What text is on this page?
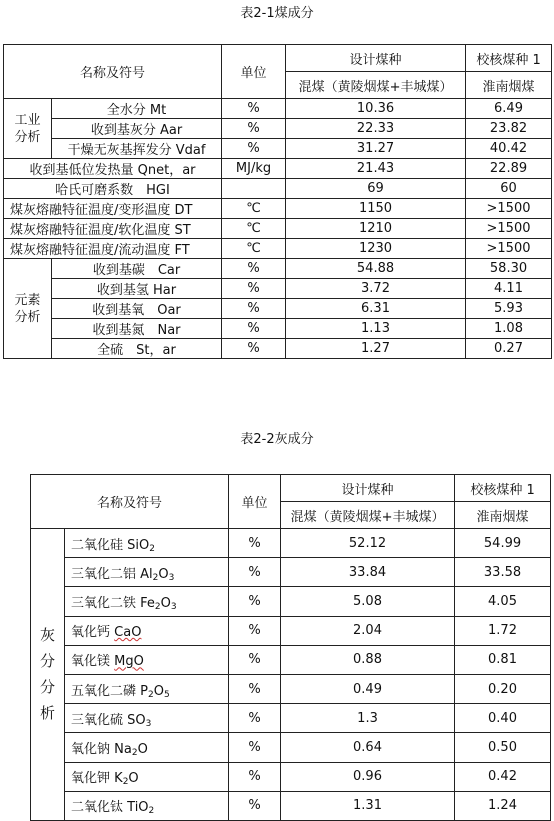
表2-1煤成分
名称及符号		单位	设计煤种	校核煤种 1
			混煤（黄陵烟煤+丰城煤）	淮南烟煤
工业
分析	全水分 Mt	%	10.36	6.49
	收到基灰分 Aar	%	22.33	23.82
	干燥无灰基挥发分 Vdaf	%	31.27	40.42
收到基低位发热量 Qnet，ar		MJ/kg	21.43	22.89
哈氏可磨系数　HGI			69	60
煤灰熔融特征温度/变形温度 DT		℃	1150	>1500
煤灰熔融特征温度/软化温度 ST		℃	1210	>1500
煤灰熔融特征温度/流动温度 FT		℃	1230	>1500
元素
分析	收到基碳　Car	%	54.88	58.30
	收到基氢 Har	%	3.72	4.11
	收到基氧　Oar	%	6.31	5.93
	收到基氮　Nar	%	1.13	1.08
	全硫　St，ar	%	1.27	0.27
表2-2灰成分
名称及符号		单位	设计煤种	校核煤种 1
			混煤（黄陵烟煤+丰城煤）	淮南烟煤
灰
分
分
析	二氧化硅 SiO$_2$	%	52.12	54.99
	三氧化二铝 $Al_2O_3$	%	33.84	33.58
	三氧化二铁 $Fe_2O_3$	%	5.08	4.05
	氧化钙 CaO	%	2.04	1.72
	氧化镁 MgO	%	0.88	0.81
	五氧化二磷 $P_2O_5$	%	0.49	0.20
	三氧化硫 $SO_3$	%	1.3	0.40
	氧化钠 $Na_2O$	%	0.64	0.50
	氧化钾 $K_2O$	%	0.96	0.42
	二氧化钛 TiO$_2$	%	1.31	1.24
